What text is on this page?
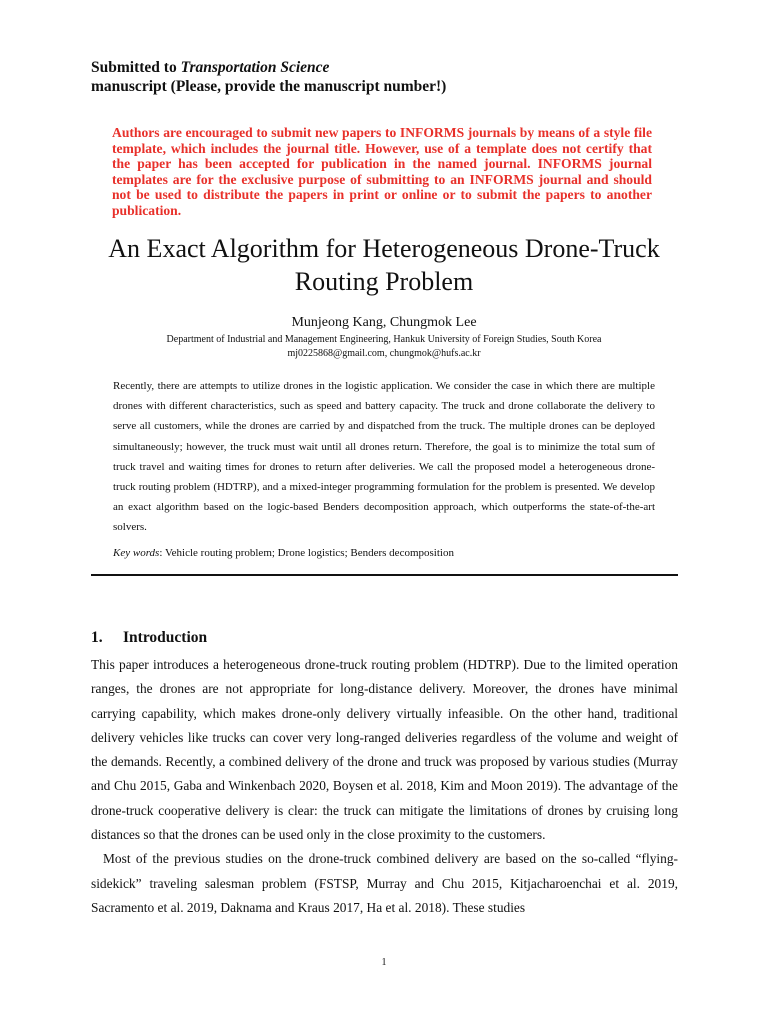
Submitted to Transportation Science
manuscript (Please, provide the manuscript number!)
Authors are encouraged to submit new papers to INFORMS journals by means of a style file template, which includes the journal title. However, use of a template does not certify that the paper has been accepted for publication in the named journal. INFORMS journal templates are for the exclusive purpose of submitting to an INFORMS journal and should not be used to distribute the papers in print or online or to submit the papers to another publication.
An Exact Algorithm for Heterogeneous Drone-Truck Routing Problem
Munjeong Kang, Chungmok Lee
Department of Industrial and Management Engineering, Hankuk University of Foreign Studies, South Korea
mj0225868@gmail.com, chungmok@hufs.ac.kr
Recently, there are attempts to utilize drones in the logistic application. We consider the case in which there are multiple drones with different characteristics, such as speed and battery capacity. The truck and drone collaborate the delivery to serve all customers, while the drones are carried by and dispatched from the truck. The multiple drones can be deployed simultaneously; however, the truck must wait until all drones return. Therefore, the goal is to minimize the total sum of truck travel and waiting times for drones to return after deliveries. We call the proposed model a heterogeneous drone-truck routing problem (HDTRP), and a mixed-integer programming formulation for the problem is presented. We develop an exact algorithm based on the logic-based Benders decomposition approach, which outperforms the state-of-the-art solvers.
Key words: Vehicle routing problem; Drone logistics; Benders decomposition
1. Introduction

This paper introduces a heterogeneous drone-truck routing problem (HDTRP). Due to the limited operation ranges, the drones are not appropriate for long-distance delivery. Moreover, the drones have minimal carrying capability, which makes drone-only delivery virtually infeasible. On the other hand, traditional delivery vehicles like trucks can cover very long-ranged deliveries regardless of the volume and weight of the demands. Recently, a combined delivery of the drone and truck was proposed by various studies (Murray and Chu 2015, Gaba and Winkenbach 2020, Boysen et al. 2018, Kim and Moon 2019). The advantage of the drone-truck cooperative delivery is clear: the truck can mitigate the limitations of drones by cruising long distances so that the drones can be used only in the close proximity to the customers.

Most of the previous studies on the drone-truck combined delivery are based on the so-called “flying-sidekick” traveling salesman problem (FSTSP, Murray and Chu 2015, Kitjacharoenchai et al. 2019, Sacramento et al. 2019, Daknama and Kraus 2017, Ha et al. 2018). These studies

1
